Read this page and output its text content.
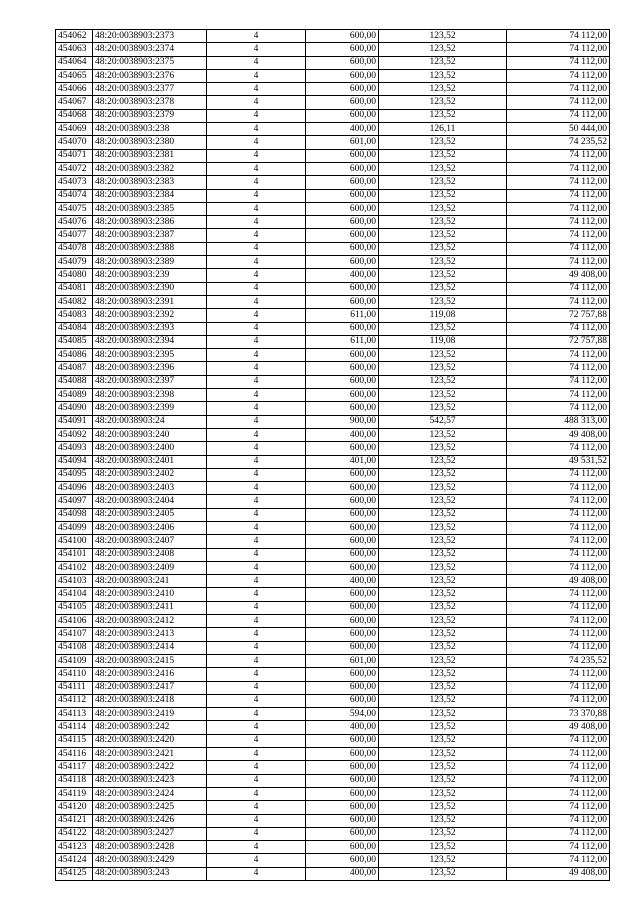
454062	48:20:0038903:2373	4	600,00	123,52	74 112,00
454063	48:20:0038903:2374	4	600,00	123,52	74 112,00
454064	48:20:0038903:2375	4	600,00	123,52	74 112,00
454065	48:20:0038903:2376	4	600,00	123,52	74 112,00
454066	48:20:0038903:2377	4	600,00	123,52	74 112,00
454067	48:20:0038903:2378	4	600,00	123,52	74 112,00
454068	48:20:0038903:2379	4	600,00	123,52	74 112,00
454069	48:20:0038903:238	4	400,00	126,11	50 444,00
454070	48:20:0038903:2380	4	601,00	123,52	74 235,52
454071	48:20:0038903:2381	4	600,00	123,52	74 112,00
454072	48:20:0038903:2382	4	600,00	123,52	74 112,00
454073	48:20:0038903:2383	4	600,00	123,52	74 112,00
454074	48:20:0038903:2384	4	600,00	123,52	74 112,00
454075	48:20:0038903:2385	4	600,00	123,52	74 112,00
454076	48:20:0038903:2386	4	600,00	123,52	74 112,00
454077	48:20:0038903:2387	4	600,00	123,52	74 112,00
454078	48:20:0038903:2388	4	600,00	123,52	74 112,00
454079	48:20:0038903:2389	4	600,00	123,52	74 112,00
454080	48:20:0038903:239	4	400,00	123,52	49 408,00
454081	48:20:0038903:2390	4	600,00	123,52	74 112,00
454082	48:20:0038903:2391	4	600,00	123,52	74 112,00
454083	48:20:0038903:2392	4	611,00	119,08	72 757,88
454084	48:20:0038903:2393	4	600,00	123,52	74 112,00
454085	48:20:0038903:2394	4	611,00	119,08	72 757,88
454086	48:20:0038903:2395	4	600,00	123,52	74 112,00
454087	48:20:0038903:2396	4	600,00	123,52	74 112,00
454088	48:20:0038903:2397	4	600,00	123,52	74 112,00
454089	48:20:0038903:2398	4	600,00	123,52	74 112,00
454090	48:20:0038903:2399	4	600,00	123,52	74 112,00
454091	48:20:0038903:24	4	900,00	542,57	488 313,00
454092	48:20:0038903:240	4	400,00	123,52	49 408,00
454093	48:20:0038903:2400	4	600,00	123,52	74 112,00
454094	48:20:0038903:2401	4	401,00	123,52	49 531,52
454095	48:20:0038903:2402	4	600,00	123,52	74 112,00
454096	48:20:0038903:2403	4	600,00	123,52	74 112,00
454097	48:20:0038903:2404	4	600,00	123,52	74 112,00
454098	48:20:0038903:2405	4	600,00	123,52	74 112,00
454099	48:20:0038903:2406	4	600,00	123,52	74 112,00
454100	48:20:0038903:2407	4	600,00	123,52	74 112,00
454101	48:20:0038903:2408	4	600,00	123,52	74 112,00
454102	48:20:0038903:2409	4	600,00	123,52	74 112,00
454103	48:20:0038903:241	4	400,00	123,52	49 408,00
454104	48:20:0038903:2410	4	600,00	123,52	74 112,00
454105	48:20:0038903:2411	4	600,00	123,52	74 112,00
454106	48:20:0038903:2412	4	600,00	123,52	74 112,00
454107	48:20:0038903:2413	4	600,00	123,52	74 112,00
454108	48:20:0038903:2414	4	600,00	123,52	74 112,00
454109	48:20:0038903:2415	4	601,00	123,52	74 235,52
454110	48:20:0038903:2416	4	600,00	123,52	74 112,00
454111	48:20:0038903:2417	4	600,00	123,52	74 112,00
454112	48:20:0038903:2418	4	600,00	123,52	74 112,00
454113	48:20:0038903:2419	4	594,00	123,52	73 370,88
454114	48:20:0038903:242	4	400,00	123,52	49 408,00
454115	48:20:0038903:2420	4	600,00	123,52	74 112,00
454116	48:20:0038903:2421	4	600,00	123,52	74 112,00
454117	48:20:0038903:2422	4	600,00	123,52	74 112,00
454118	48:20:0038903:2423	4	600,00	123,52	74 112,00
454119	48:20:0038903:2424	4	600,00	123,52	74 112,00
454120	48:20:0038903:2425	4	600,00	123,52	74 112,00
454121	48:20:0038903:2426	4	600,00	123,52	74 112,00
454122	48:20:0038903:2427	4	600,00	123,52	74 112,00
454123	48:20:0038903:2428	4	600,00	123,52	74 112,00
454124	48:20:0038903:2429	4	600,00	123,52	74 112,00
454125	48:20:0038903:243	4	400,00	123,52	49 408,00
